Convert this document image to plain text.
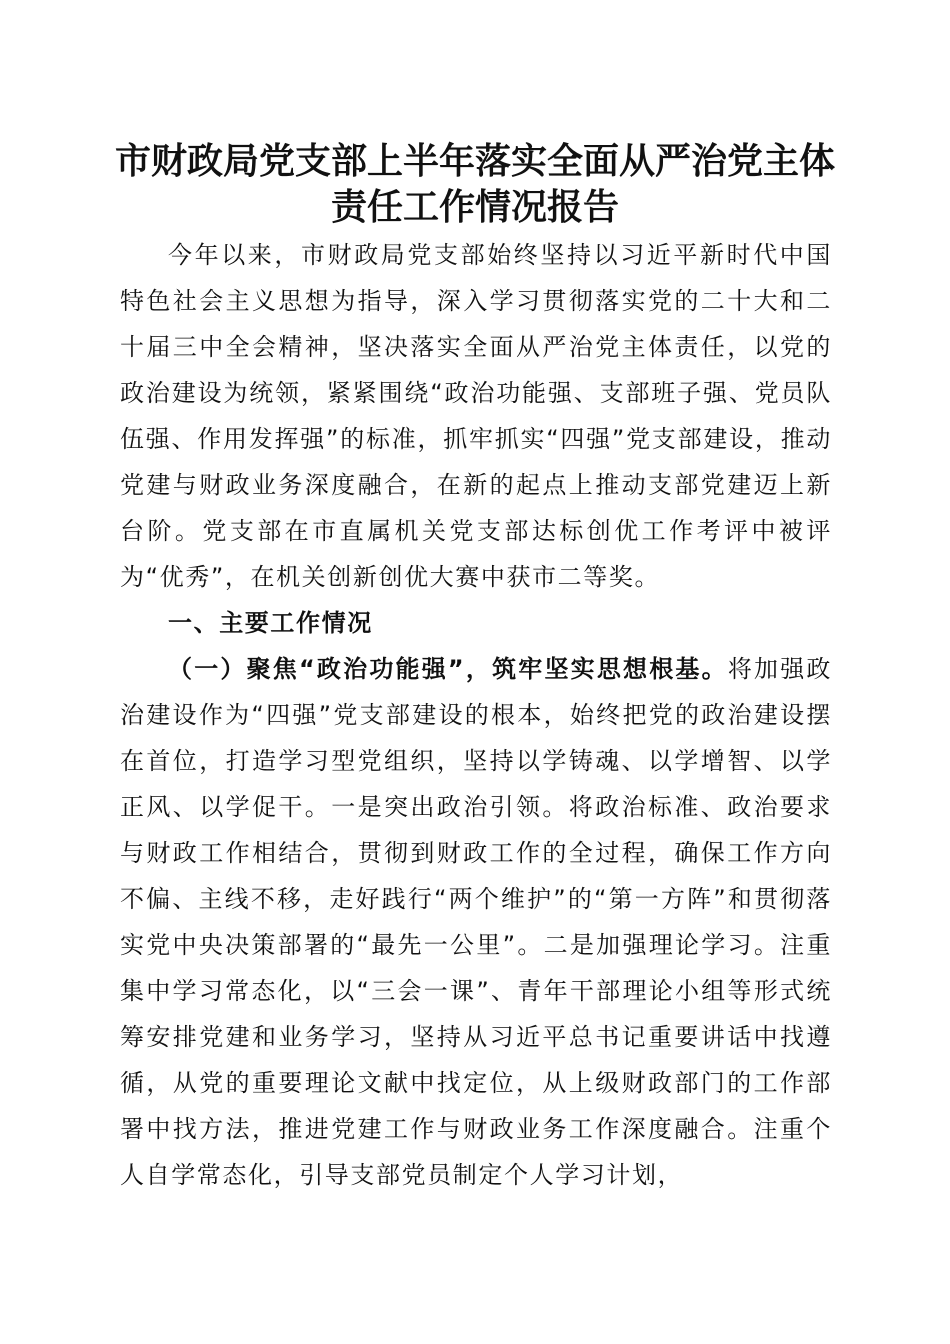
市财政局党支部上半年落实全面从严治党主体
责任工作情况报告

今年以来，市财政局党支部始终坚持以习近平新时代中国特色社会主义思想为指导，深入学习贯彻落实党的二十大和二十届三中全会精神，坚决落实全面从严治党主体责任，以党的政治建设为统领，紧紧围绕“政治功能强、支部班子强、党员队伍强、作用发挥强”的标准，抓牢抓实“四强”党支部建设，推动党建与财政业务深度融合，在新的起点上推动支部党建迈上新台阶。党支部在市直属机关党支部达标创优工作考评中被评为“优秀”，在机关创新创优大赛中获市二等奖。

一、主要工作情况

（一）聚焦“政治功能强”，筑牢坚实思想根基。将加强政治建设作为“四强”党支部建设的根本，始终把党的政治建设摆在首位，打造学习型党组织，坚持以学铸魂、以学增智、以学正风、以学促干。一是突出政治引领。将政治标准、政治要求与财政工作相结合，贯彻到财政工作的全过程，确保工作方向不偏、主线不移，走好践行“两个维护”的“第一方阵”和贯彻落实党中央决策部署的“最先一公里”。二是加强理论学习。注重集中学习常态化，以“三会一课”、青年干部理论小组等形式统筹安排党建和业务学习，坚持从习近平总书记重要讲话中找遵循，从党的重要理论文献中找定位，从上级财政部门的工作部署中找方法，推进党建工作与财政业务工作深度融合。注重个人自学常态化，引导支部党员制定个人学习计划，
